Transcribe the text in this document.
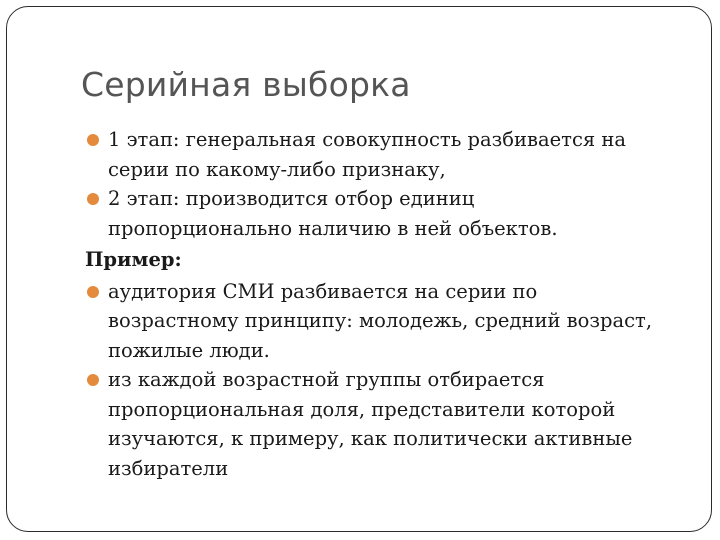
Серийная выборка
1 этап: генеральная совокупность разбивается на
серии по какому-либо признаку,
2 этап: производится отбор единиц
пропорционально наличию в ней объектов.
Пример:
аудитория СМИ разбивается на серии по
возрастному принципу: молодежь, средний возраст,
пожилые люди.
из каждой возрастной группы отбирается
пропорциональная доля, представители которой
изучаются, к примеру, как политически активные
избиратели
